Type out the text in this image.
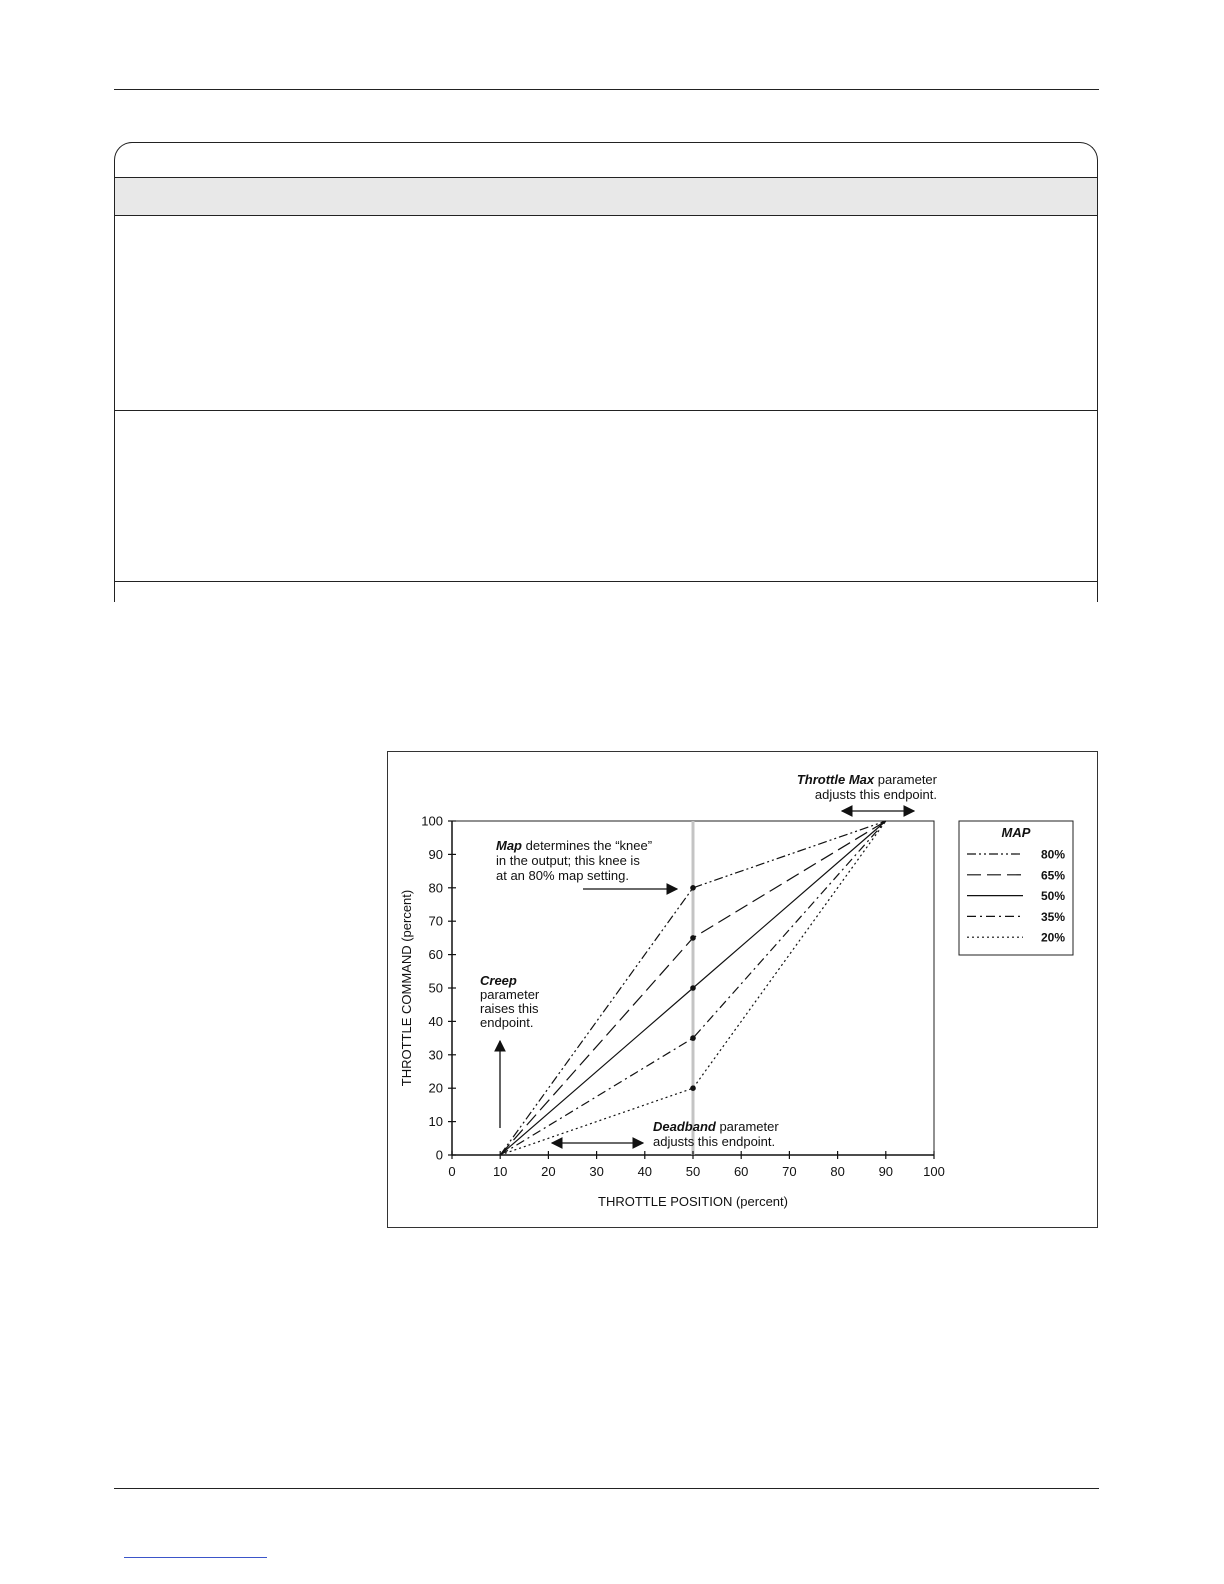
0	10	20	30	40	50	60	70	80	90 100
0
10
20
30
40
50
60
70
80
90
100
THROTTLE POSITION (percent)
THROTTLE COMMAND (percent)
Throttle Max parameter
adjusts this endpoint.
Map determines the “knee”
in the output; this knee is
at an 80% map setting.
Creep
parameter
raises this
endpoint.
Deadband parameter
adjusts this endpoint.
MAP
80%
65%
50%
35%
20%
